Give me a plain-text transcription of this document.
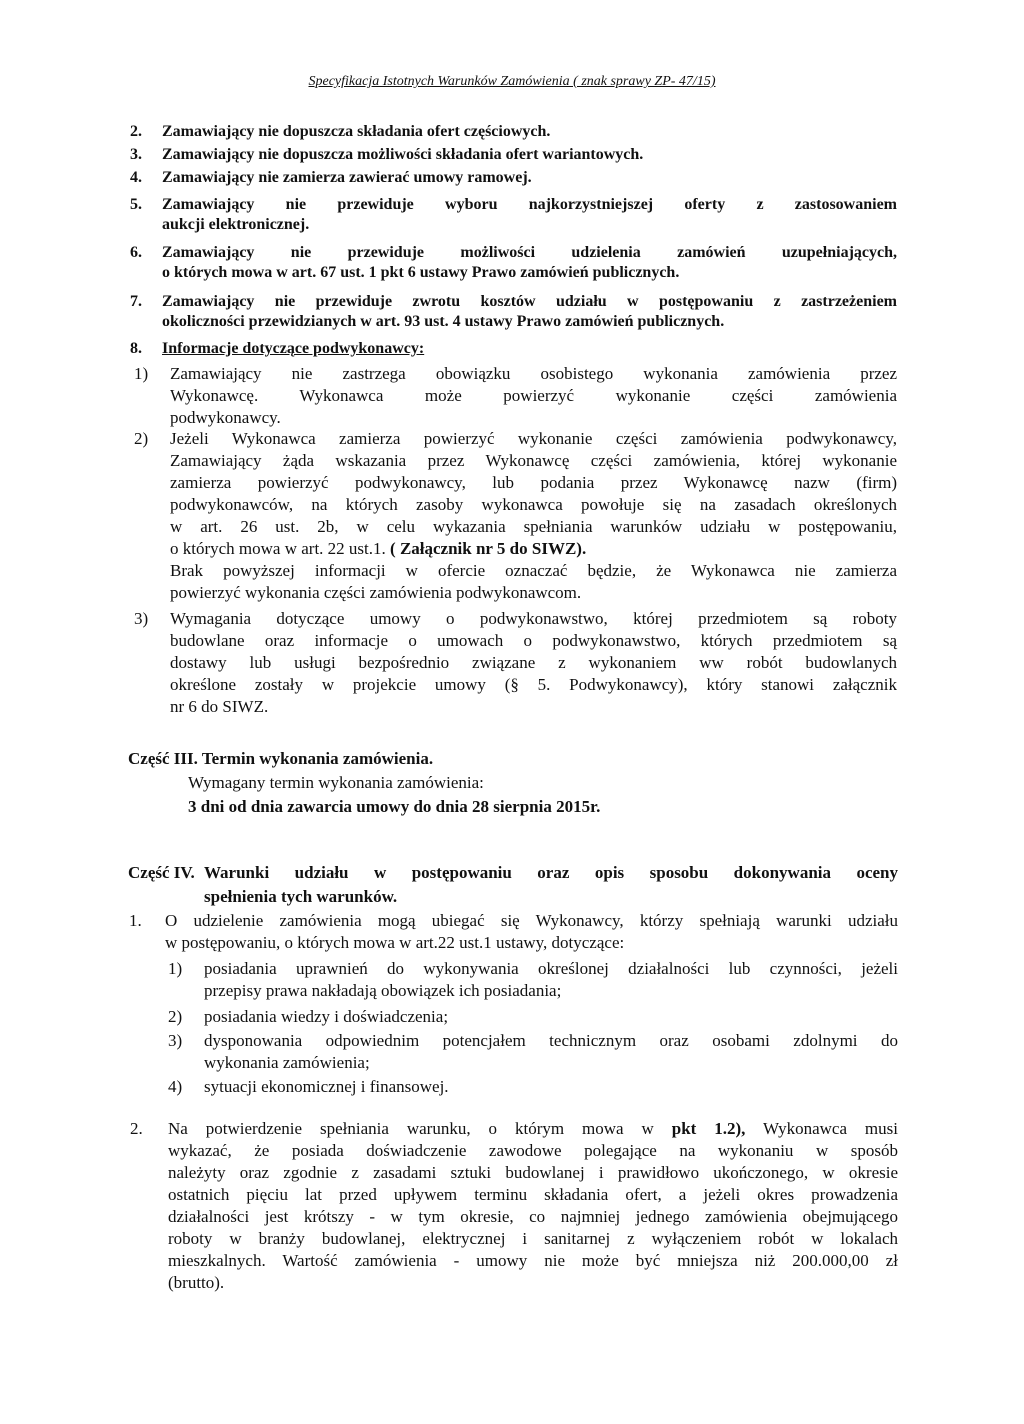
Specyfikacja Istotnych Warunków Zamówienia ( znak sprawy ZP- 47/15)
2. Zamawiający nie dopuszcza składania ofert częściowych.
3. Zamawiający nie dopuszcza możliwości składania ofert wariantowych.
4. Zamawiający nie zamierza zawierać umowy ramowej.
5. Zamawiający nie przewiduje wyboru najkorzystniejszej oferty z zastosowaniem
aukcji elektronicznej.
6. Zamawiający nie przewiduje możliwości udzielenia zamówień uzupełniających,
o których mowa w art. 67 ust. 1 pkt 6 ustawy Prawo zamówień publicznych.
7. Zamawiający nie przewiduje zwrotu kosztów udziału w postępowaniu z zastrzeżeniem
okoliczności przewidzianych w art. 93 ust. 4 ustawy Prawo zamówień publicznych.
8. Informacje dotyczące podwykonawcy:
1) Zamawiający nie zastrzega obowiązku osobistego wykonania zamówienia przez
Wykonawcę. Wykonawca może powierzyć wykonanie części zamówienia
podwykonawcy.
2) Jeżeli Wykonawca zamierza powierzyć wykonanie części zamówienia podwykonawcy,
Zamawiający żąda wskazania przez Wykonawcę części zamówienia, której wykonanie
zamierza powierzyć podwykonawcy, lub podania przez Wykonawcę nazw (firm)
podwykonawców, na których zasoby wykonawca powołuje się na zasadach określonych
w art. 26 ust. 2b, w celu wykazania spełniania warunków udziału w postępowaniu,
o których mowa w art. 22 ust.1. ( Załącznik nr 5 do SIWZ).
Brak powyższej informacji w ofercie oznaczać będzie, że Wykonawca nie zamierza
powierzyć wykonania części zamówienia podwykonawcom.
3) Wymagania dotyczące umowy o podwykonawstwo, której przedmiotem są roboty
budowlane oraz informacje o umowach o podwykonawstwo, których przedmiotem są
dostawy lub usługi bezpośrednio związane z wykonaniem ww robót budowlanych
określone zostały w projekcie umowy (§ 5. Podwykonawcy), który stanowi załącznik
nr 6 do SIWZ.
Część III. Termin wykonania zamówienia.
Wymagany termin wykonania zamówienia:
3 dni od dnia zawarcia umowy do dnia 28 sierpnia 2015r.
Część IV. Warunki udziału w postępowaniu oraz opis sposobu dokonywania oceny
spełnienia tych warunków.
1. O udzielenie zamówienia mogą ubiegać się Wykonawcy, którzy spełniają warunki udziału
w postępowaniu, o których mowa w art.22 ust.1 ustawy, dotyczące:
1) posiadania uprawnień do wykonywania określonej działalności lub czynności, jeżeli
przepisy prawa nakładają obowiązek ich posiadania;
2) posiadania wiedzy i doświadczenia;
3) dysponowania odpowiednim potencjałem technicznym oraz osobami zdolnymi do
wykonania zamówienia;
4) sytuacji ekonomicznej i finansowej.
2. Na potwierdzenie spełniania warunku, o którym mowa w pkt 1.2), Wykonawca musi
wykazać, że posiada doświadczenie zawodowe polegające na wykonaniu w sposób
należyty oraz zgodnie z zasadami sztuki budowlanej i prawidłowo ukończonego, w okresie
ostatnich pięciu lat przed upływem terminu składania ofert, a jeżeli okres prowadzenia
działalności jest krótszy - w tym okresie, co najmniej jednego zamówienia obejmującego
roboty w branży budowlanej, elektrycznej i sanitarnej z wyłączeniem robót w lokalach
mieszkalnych. Wartość zamówienia - umowy nie może być mniejsza niż 200.000,00 zł
(brutto).
